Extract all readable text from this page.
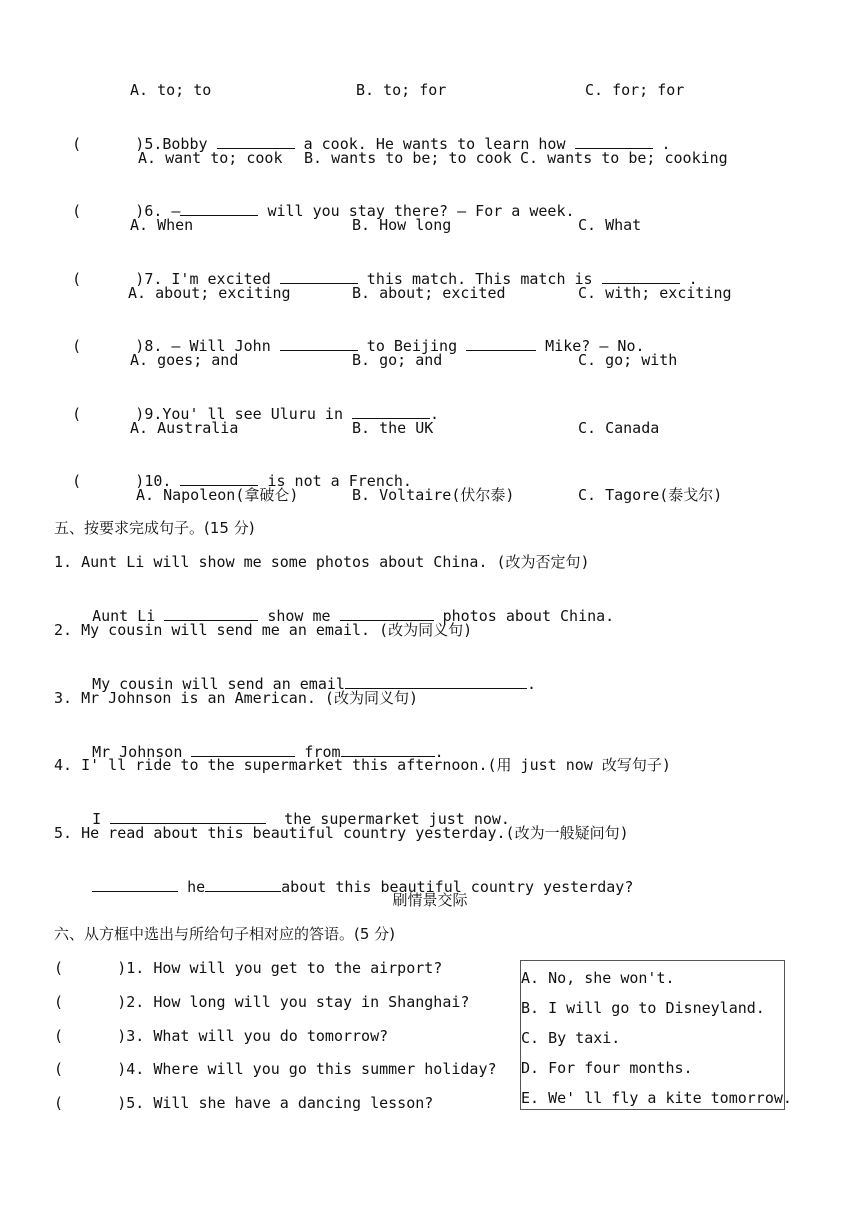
A. to; to	B. to; for	C. for; for

(      )5.Bobby	a cook. He wants to learn how	.

A. want to; cook B. wants to be; to cook C. wants to be; cooking

(      )6. —	will you stay there? — For a week.

A. When	B. How long	C. What

(      )7. I'm excited	this match. This match is	.

A. about; exciting	B. about; excited	C. with; exciting

(      )8. — Will John	to Beijing	Mike? — No.

A. goes; and	B. go; and	C. go; with

(      )9.You' ll see Uluru in	.

A. Australia	B. the UK	C. Canada

(      )10.	is not a French.

A. Napoleon(拿破仑)	B. Voltaire(伏尔泰)	C. Tagore(泰戈尔)
五、按要求完成句子。(15 分)
1. Aunt Li will show me some photos about China. (改为否定句)

Aunt Li	show me	photos about China.

2. My cousin will send me an email. (改为同义句)

My cousin will send an email	.

3. Mr Johnson is an American. (改为同义句)

Mr Johnson	from	.

4. I' ll ride to the supermarket this afternoon.(用 just now 改写句子)

I	the supermarket just now.

5. He read about this beautiful country yesterday.(改为一般疑问句)

he	about this beautiful country yesterday?

刷情景交际
六、从方框中选出与所给句子相对应的答语。(5 分)
(      )1. How will you get to the airport?
(      )2. How long will you stay in Shanghai?
(      )3. What will you do tomorrow?
(      )4. Where will you go this summer holiday?
(      )5. Will she have a dancing lesson?
A. No, she won't.
B. I will go to Disneyland.
C. By taxi.
D. For four months.
E. We' ll fly a kite tomorrow.
